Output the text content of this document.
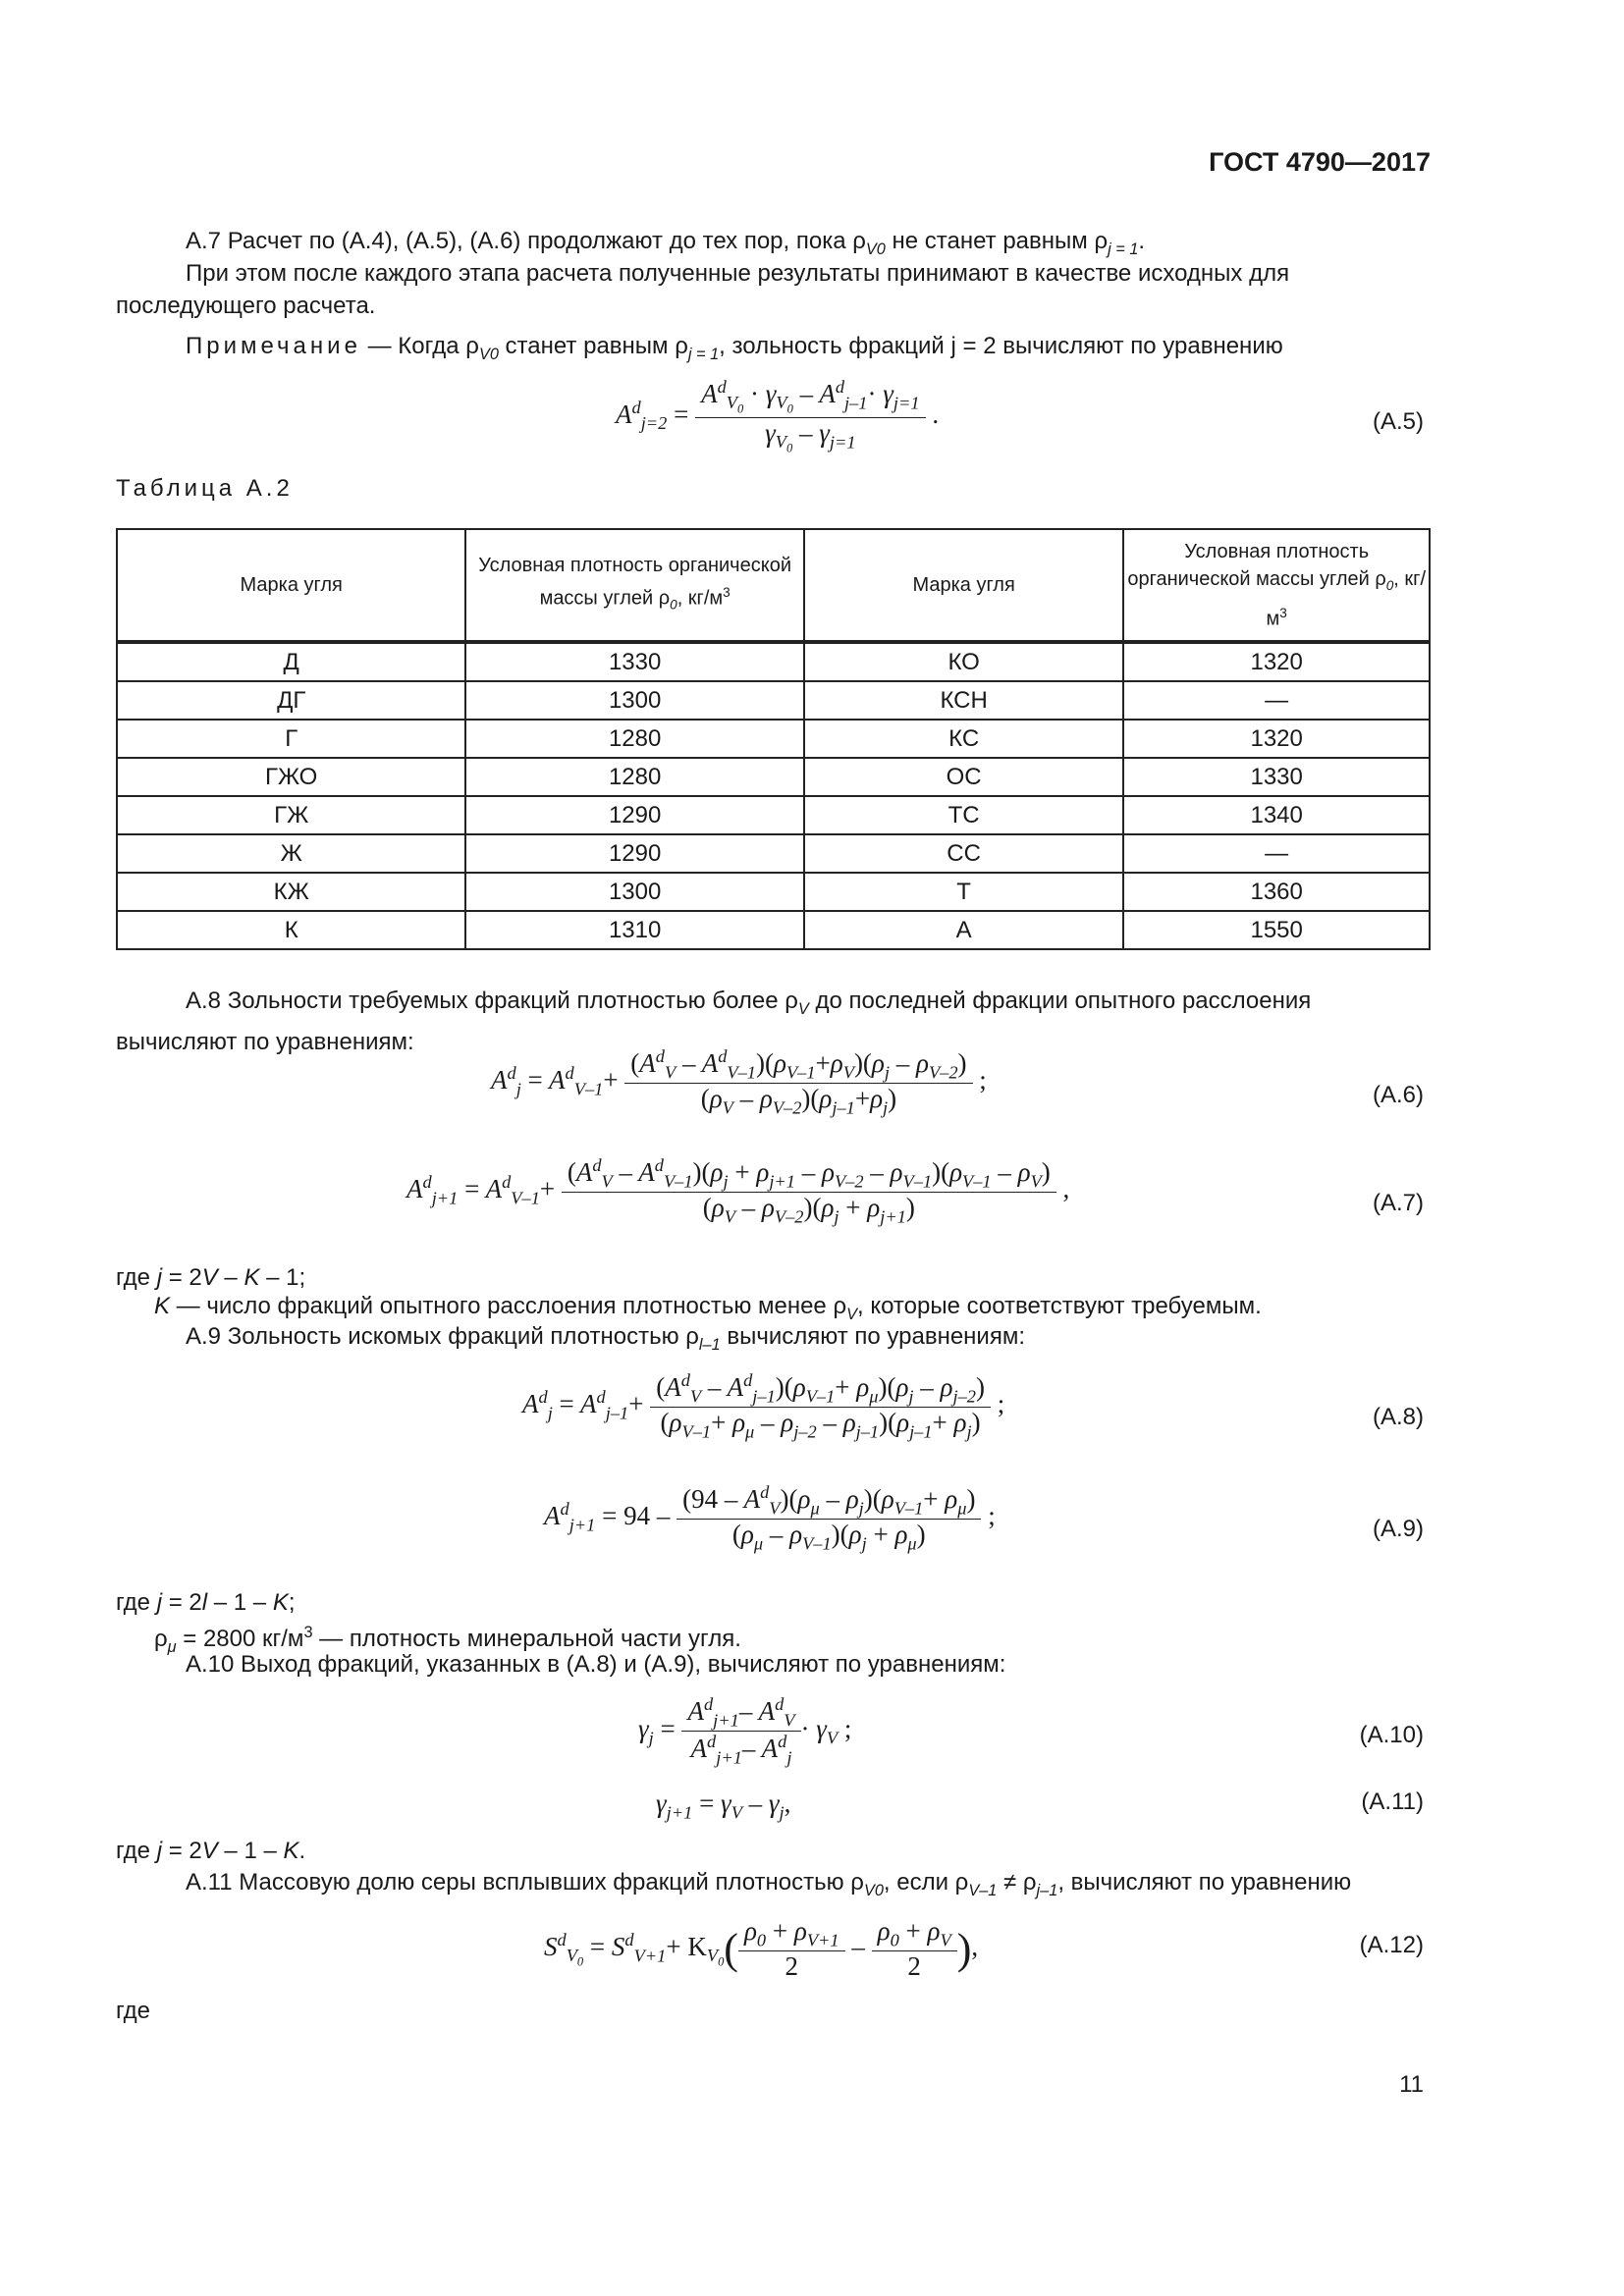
ГОСТ 4790—2017
А.7 Расчет по (А.4), (А.5), (А.6) продолжают до тех пор, пока $\rho_{V0}$ не станет равным $\rho_{j = 1}$.
При этом после каждого этапа расчета полученные результаты принимают в качестве исходных для последующего расчета.
Примечание — Когда $\rho_{V0}$ станет равным $\rho_{j = 1}$, зольность фракций j = 2 вычисляют по уравнению
$A^d_{j=2} = \frac{A^d_{V_0} \cdot \gamma_{V_0} - A^d_{j-1}\cdot \gamma_{j=1}}{\gamma_{V_0} - \gamma_{j=1}}$ .	(А.5)
Таблица А.2
Марка угля	Условная плотность органической массы углей $\rho_0$, $кг/м^3$	Марка угля	Условная плотность органической массы углей $\rho_0$, $кг/м^3$
Д	1330	КО	1320
ДГ	1300	КСН	—
Г	1280	КС	1320
ГЖО	1280	ОС	1330
ГЖ	1290	ТС	1340
Ж	1290	СС	—
КЖ	1300	Т	1360
К	1310	А	1550
А.8 Зольности требуемых фракций плотностью более $\rho_V$ до последней фракции опытного расслоения вычисляют по уравнениям:
$A^d_j = A^d_{V-1}+ \frac{(A^d_V - A^d_{V-1})(\rho_{V-1}+\rho_V)(\rho_j - \rho_{V-2})}{(\rho_V - \rho_{V-2})(\rho_{j-1}+\rho_j)}$ ;
(А.6)
$A^d_{j+1} = A^d_{V-1}+ \frac{(A^d_V - A^d_{V-1})(\rho_j + \rho_{j+1} - \rho_{V-2} - \rho_{V-1})(\rho_{V-1} - \rho_V)}{(\rho_V - \rho_{V-2})(\rho_j + \rho_{j+1})}$ ,	(А.7)
где j = 2V – K – 1;
K — число фракций опытного расслоения плотностью менее $\rho_V$, которые соответствуют требуемым.
А.9 Зольность искомых фракций плотностью $\rho_{l-1}$ вычисляют по уравнениям:
$A^d_j = A^d_{j-1}+ \frac{(A^d_V - A^d_{j-1})(\rho_{V-1}+ \rho_\mu)(\rho_j - \rho_{j-2})}{(\rho_{V-1}+ \rho_\mu - \rho_{j-2} - \rho_{j-1})(\rho_{j-1}+ \rho_j)}$ ;	(А.8)
$A^d_{j+1} = 94 - \frac{(94 - A^d_V)(\rho_\mu - \rho_j)(\rho_{V-1}+ \rho_\mu)}{(\rho_\mu - \rho_{V-1})(\rho_j + \rho_\mu)}$ ;	(А.9)
где j = 2l – 1 – K;
$\rho_\mu = 2800$ $кг/м^3$ — плотность минеральной части угля.
А.10 Выход фракций, указанных в (А.8) и (А.9), вычисляют по уравнениям:
$\gamma_j = \frac{A^d_{j+1}- A^d_V}{A^d_{j+1}- A^d_j} \cdot \gamma_V$ ;	(А.10)
$\gamma_{j+1} = \gamma_V - \gamma_j$,	(А.11)
где j = 2V – 1 – K.
А.11 Массовую долю серы всплывших фракций плотностью $\rho_{V0}$, если $\rho_{V-1} \ne \rho_{j-1}$, вычисляют по уравнению
$S^d_{V_0} = S^d_{V+1}+ K_{V_0}( \frac{\rho_0 + \rho_{V+1}}{2} - \frac{\rho_0 + \rho_V}{2}$ ),	(А.12)
где
11
